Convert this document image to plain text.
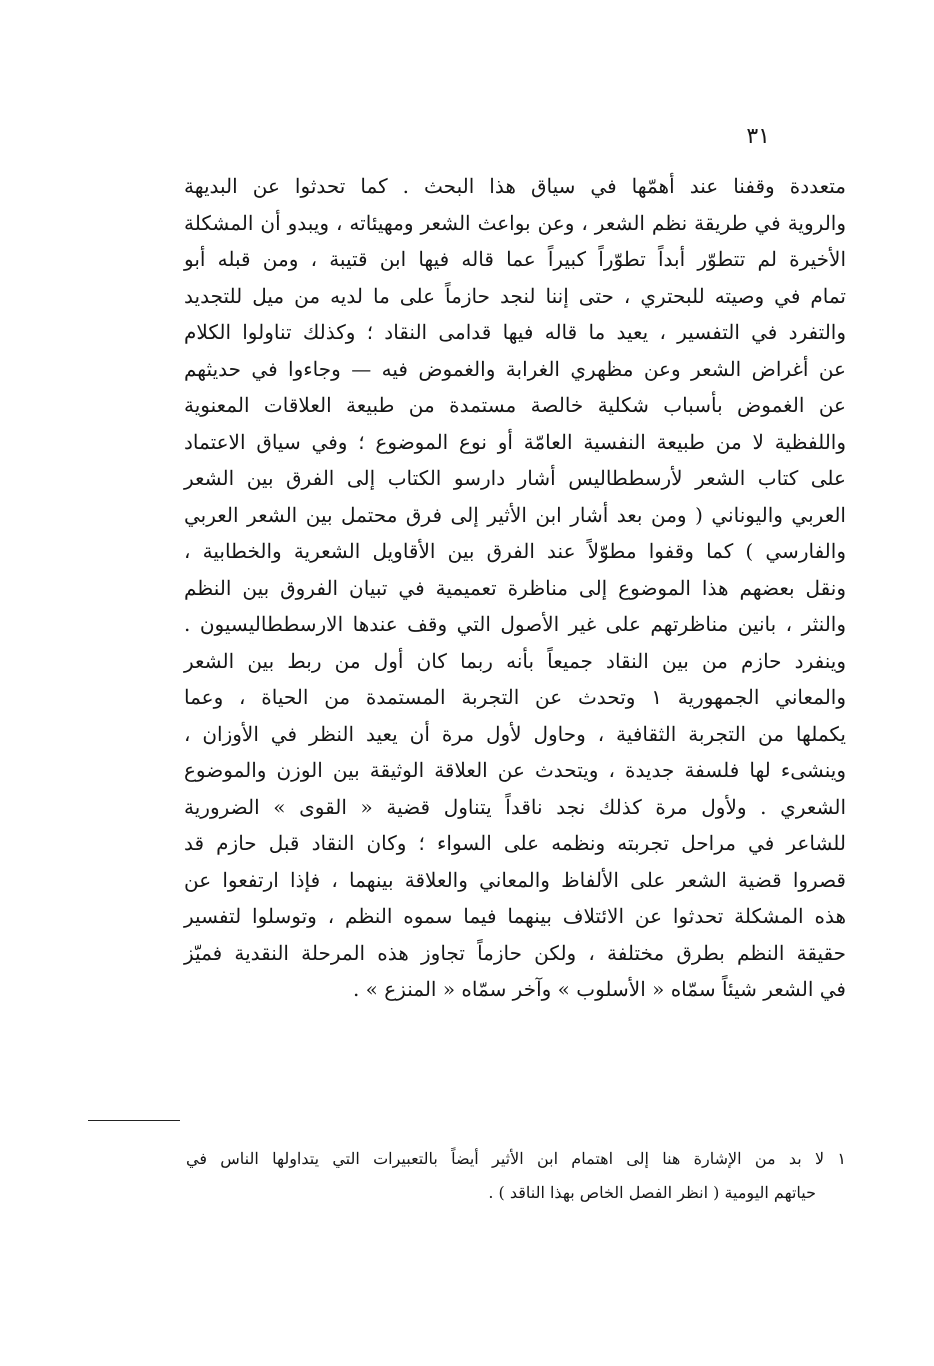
٣١
متعددة وقفنا عند أهمّها في سياق هذا البحث . كما تحدثوا عن البديهة
والروية في طريقة نظم الشعر ، وعن بواعث الشعر ومهيئاته ، ويبدو أن المشكلة
الأخيرة لم تتطوّر أبداً تطوّراً كبيراً عما قاله فيها ابن قتيبة ، ومن قبله أبو
تمام في وصيته للبحتري ، حتى إننا لنجد حازماً على ما لديه من ميل للتجديد
والتفرد في التفسير ، يعيد ما قاله فيها قدامى النقاد ؛ وكذلك تناولوا الكلام
عن أغراض الشعر وعن مظهري الغرابة والغموض فيه — وجاءوا في حديثهم
عن الغموض بأسباب شكلية خالصة مستمدة من طبيعة العلاقات المعنوية
واللفظية لا من طبيعة النفسية العامّة أو نوع الموضوع ؛ وفي سياق الاعتماد
على كتاب الشعر لأرسططاليس أشار دارسو الكتاب إلى الفرق بين الشعر
العربي واليوناني ( ومن بعد أشار ابن الأثير إلى فرق محتمل بين الشعر العربي
والفارسي ) كما وقفوا مطوّلاً عند الفرق بين الأقاويل الشعرية والخطابية ،
ونقل بعضهم هذا الموضوع إلى مناظرة تعميمية في تبيان الفروق بين النظم
والنثر ، بانين مناظرتهم على غير الأصول التي وقف عندها الارسططاليسيون .
وينفرد حازم من بين النقاد جميعاً بأنه ربما كان أول من ربط بين الشعر
والمعاني الجمهورية ١ وتحدث عن التجربة المستمدة من الحياة ، وعما
يكملها من التجربة الثقافية ، وحاول لأول مرة أن يعيد النظر في الأوزان ،
وينشىء لها فلسفة جديدة ، ويتحدث عن العلاقة الوثيقة بين الوزن والموضوع
الشعري . ولأول مرة كذلك نجد ناقداً يتناول قضية « القوى » الضرورية
للشاعر في مراحل تجربته ونظمه على السواء ؛ وكان النقاد قبل حازم قد
قصروا قضية الشعر على الألفاظ والمعاني والعلاقة بينهما ، فإذا ارتفعوا عن
هذه المشكلة تحدثوا عن الائتلاف بينهما فيما سموه النظم ، وتوسلوا لتفسير
حقيقة النظم بطرق مختلفة ، ولكن حازماً تجاوز هذه المرحلة النقدية فميّز
في الشعر شيئاً سمّاه « الأسلوب » وآخر سمّاه « المنزع » .
١ لا بد من الإشارة هنا إلى اهتمام ابن الأثير أيضاً بالتعبيرات التي يتداولها الناس في
حياتهم اليومية ( انظر الفصل الخاص بهذا الناقد ) .
